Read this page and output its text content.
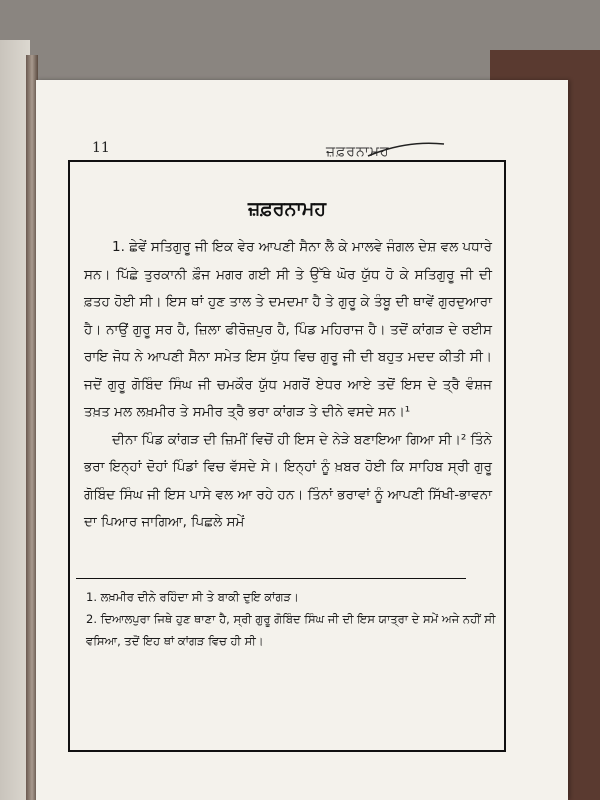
11	ਜ਼ਫ਼ਰਨਾਮਹ
ਜ਼ਫ਼ਰਨਾਮਹ

1. ਛੇਵੇਂ ਸਤਿਗੁਰੂ ਜੀ ਇਕ ਵੇਰ ਆਪਣੀ ਸੈਨਾ ਲੈ ਕੇ ਮਾਲਵੇ ਜੰਗਲ ਦੇਸ਼ ਵਲ ਪਧਾਰੇ ਸਨ। ਪਿੱਛੇ ਤੁਰਕਾਨੀ ਫ਼ੌਜ ਮਗਰ ਗਈ ਸੀ ਤੇ ਉੱਥੇ ਘੋਰ ਯੁੱਧ ਹੋ ਕੇ ਸਤਿਗੁਰੂ ਜੀ ਦੀ ਫ਼ਤਹ ਹੋਈ ਸੀ। ਇਸ ਥਾਂ ਹੁਣ ਤਾਲ ਤੇ ਦਮਦਮਾ ਹੈ ਤੇ ਗੁਰੂ ਕੇ ਤੰਬੂ ਦੀ ਥਾਵੇਂ ਗੁਰਦੁਆਰਾ ਹੈ। ਨਾਉਂ ਗੁਰੂ ਸਰ ਹੈ, ਜ਼ਿਲਾ ਫੀਰੋਜ਼ਪੁਰ ਹੈ, ਪਿੰਡ ਮਹਿਰਾਜ ਹੈ। ਤਦੋਂ ਕਾਂਗੜ ਦੇ ਰਈਸ ਰਾਇ ਜੋਧ ਨੇ ਆਪਣੀ ਸੈਨਾ ਸਮੇਤ ਇਸ ਯੁੱਧ ਵਿਚ ਗੁਰੂ ਜੀ ਦੀ ਬਹੁਤ ਮਦਦ ਕੀਤੀ ਸੀ। ਜਦੋਂ ਗੁਰੂ ਗੋਬਿੰਦ ਸਿੰਘ ਜੀ ਚਮਕੌਰ ਯੁੱਧ ਮਗਰੋਂ ਏਧਰ ਆਏ ਤਦੋਂ ਇਸ ਦੇ ਤ੍ਰੈ ਵੰਸ਼ਜ ਤਖ਼ਤ ਮਲ ਲਖ਼ਮੀਰ ਤੇ ਸਮੀਰ ਤ੍ਰੈ ਭਰਾ ਕਾਂਗੜ ਤੇ ਦੀਨੇ ਵਸਦੇ ਸਨ।¹

ਦੀਨਾ ਪਿੰਡ ਕਾਂਗੜ ਦੀ ਜ਼ਿਮੀਂ ਵਿਚੋਂ ਹੀ ਇਸ ਦੇ ਨੇੜੇ ਬਣਾਇਆ ਗਿਆ ਸੀ।² ਤਿੰਨੇ ਭਰਾ ਇਨ੍ਹਾਂ ਦੋਹਾਂ ਪਿੰਡਾਂ ਵਿਚ ਵੱਸਦੇ ਸੇ। ਇਨ੍ਹਾਂ ਨੂੰ ਖ਼ਬਰ ਹੋਈ ਕਿ ਸਾਹਿਬ ਸ੍ਰੀ ਗੁਰੂ ਗੋਬਿੰਦ ਸਿੰਘ ਜੀ ਇਸ ਪਾਸੇ ਵਲ ਆ ਰਹੇ ਹਨ। ਤਿੰਨਾਂ ਭਰਾਵਾਂ ਨੂੰ ਆਪਣੀ ਸਿੱਖੀ-ਭਾਵਨਾ ਦਾ ਪਿਆਰ ਜਾਗਿਆ, ਪਿਛਲੇ ਸਮੇਂ

1. ਲਖ਼ਮੀਰ ਦੀਨੇ ਰਹਿੰਦਾ ਸੀ ਤੇ ਬਾਕੀ ਦੁਇ ਕਾਂਗੜ।
2. ਦਿਆਲਪੁਰਾ ਜਿਥੇ ਹੁਣ ਥਾਣਾ ਹੈ, ਸ੍ਰੀ ਗੁਰੂ ਗੋਬਿੰਦ ਸਿੰਘ ਜੀ ਦੀ ਇਸ ਯਾਤ੍ਰਾ ਦੇ ਸਮੇਂ ਅਜੇ ਨਹੀਂ ਸੀ ਵਸਿਆ, ਤਦੋਂ ਇਹ ਥਾਂ ਕਾਂਗੜ ਵਿਚ ਹੀ ਸੀ।
